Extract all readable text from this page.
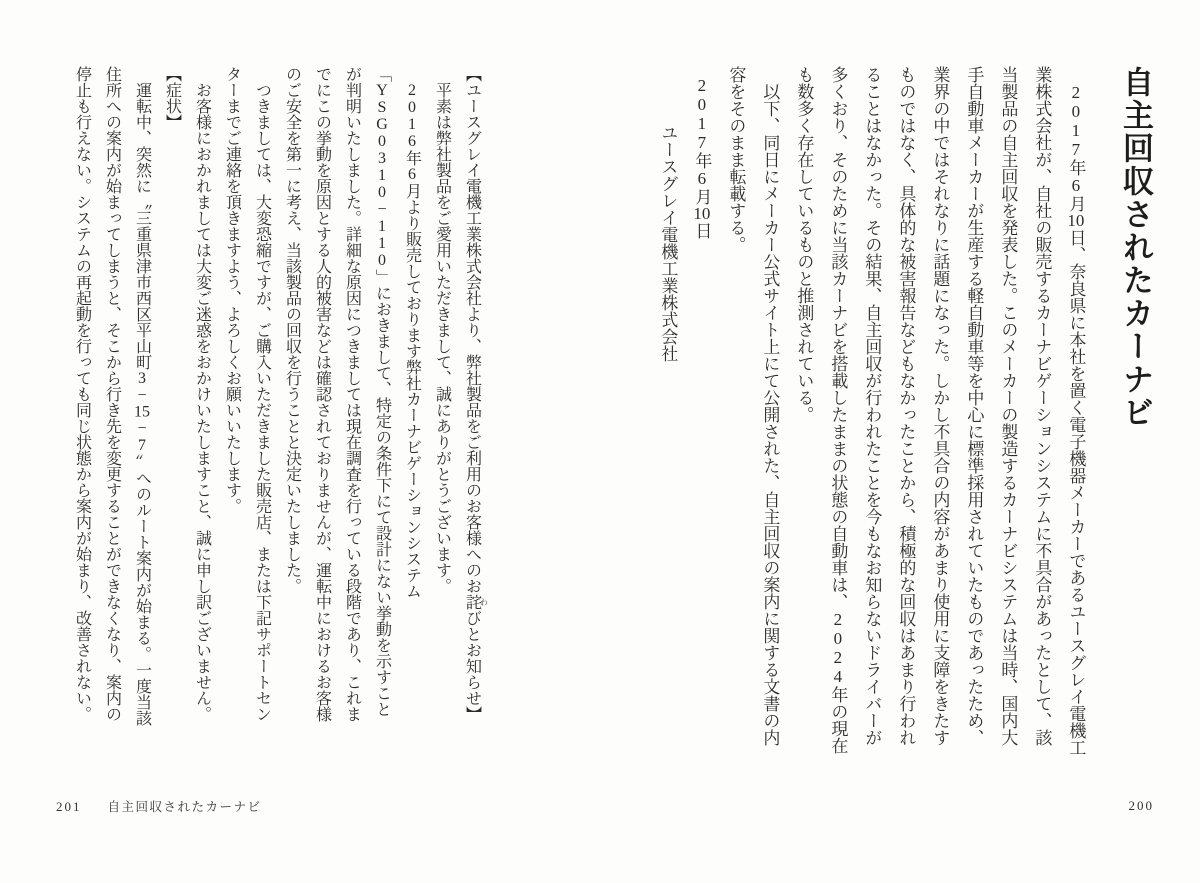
自主回収されたカーナビ

2017年6月10日、奈良県に本社を置く電子機器メーカーであるユースグレイ電機工業株式会社が、自社の販売するカーナビゲーションシステムに不具合があったとして、該当製品の自主回収を発表した。このメーカーの製造するカーナビシステムは当時、国内大手自動車メーカーが生産する軽自動車等を中心に標準採用されていたものであったため、業界の中ではそれなりに話題になった。しかし不具合の内容があまり使用に支障をきたすものではなく、具体的な被害報告などもなかったことから、積極的な回収はあまり行われることはなかった。その結果、自主回収が行われたことを今もなお知らないドライバーが多くおり、そのために当該カーナビを搭載したままの状態の自動車は、2024年の現在も数多く存在しているものと推測されている。

以下、同日にメーカー公式サイト上にて公開された、自主回収の案内に関する文書の内容をそのまま転載する。

2017年6月10日

ユースグレイ電機工業株式会社

200

【ユースグレイ電機工業株式会社より、弊社製品をご利用のお客様へのお詫 わびとお知らせ】

平素は弊社製品をご愛用いただきまして、誠にありがとうございます。

2016年6月より販売しております弊社カーナビゲーションシステム「YSG0310−110」におきまして、特定の条件下にて設計にない挙動を示すことが判明いたしました。詳細な原因につきましては現在調査を行っている段階であり、これまでにこの挙動を原因とする人的被害などは確認されておりませんが、運転中におけるお客様のご安全を第一に考え、当該製品の回収を行うことと決定いたしました。

つきましては、大変恐縮ですが、ご購入いただきました販売店、または下記サポートセンターまでご連絡を頂きますよう、よろしくお願いいたします。

お客様におかれましては大変ご迷惑をおかけいたしますこと、誠に申し訳ございません。

【症状】

運転中、突然に〝三重県津市西区平山町3−15−7〟へのルート案内が始まる。一度当該住所への案内が始まってしまうと、そこから行き先を変更することができなくなり、案内の停止も行えない。システムの再起動を行っても同じ状態から案内が始まり、改善されない。

201 自主回収されたカーナビ
